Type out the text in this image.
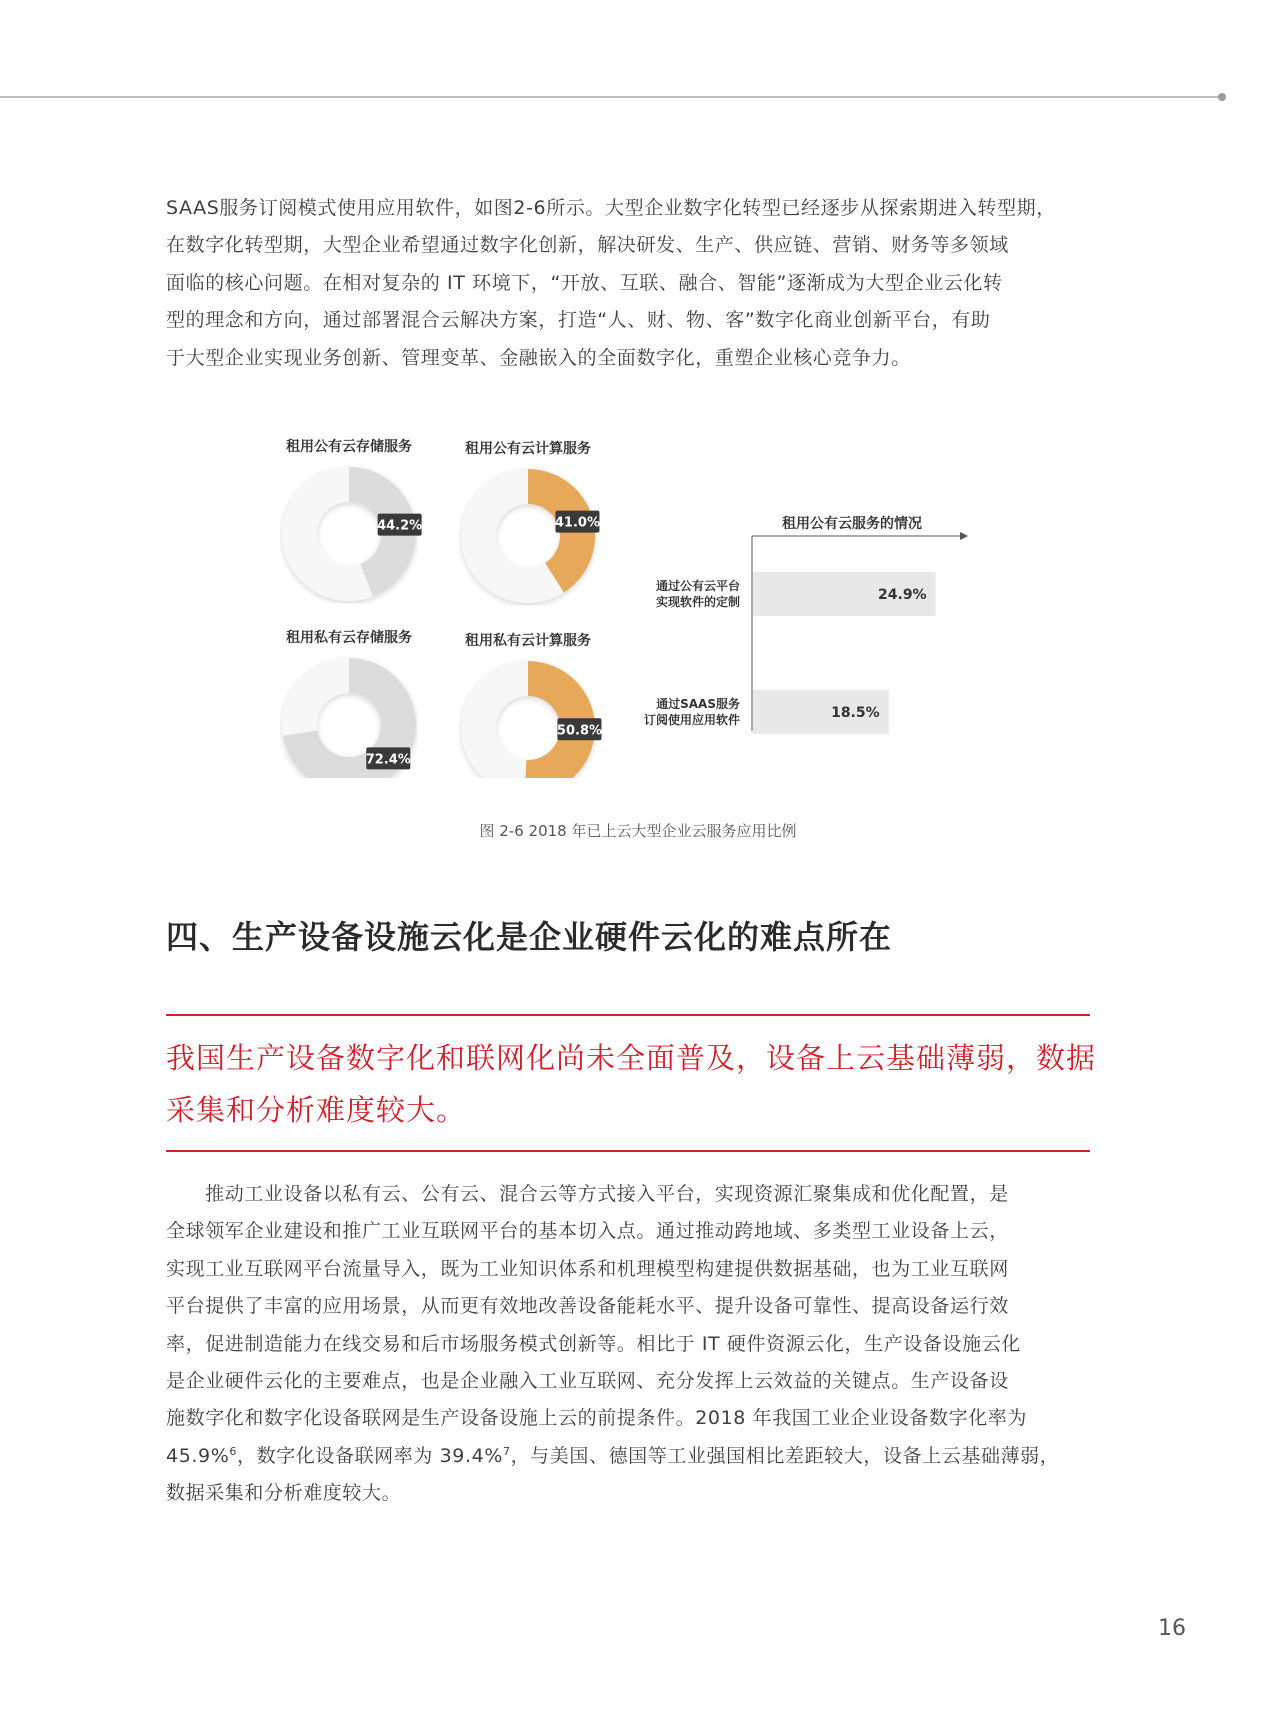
SAAS服务订阅模式使用应用软件，如图2-6所示。大型企业数字化转型已经逐步从探索期进入转型期，

在数字化转型期，大型企业希望通过数字化创新，解决研发、生产、供应链、营销、财务等多领域

面临的核心问题。在相对复杂的 IT 环境下，“开放、互联、融合、智能”逐渐成为大型企业云化转

型的理念和方向，通过部署混合云解决方案，打造“人、财、物、客”数字化商业创新平台，有助

于大型企业实现业务创新、管理变革、金融嵌入的全面数字化，重塑企业核心竞争力。

租用公有云存储服务
44.2%
租用公有云计算服务
41.0%
租用私有云存储服务
72.4%
租用私有云计算服务
50.8%
租用公有云服务的情况
24.9%
通过公有云平台
实现软件的定制
18.5%
通过SAAS服务
订阅使用应用软件
图 2-6 2018 年已上云大型企业云服务应用比例
四、生产设备设施云化是企业硬件云化的难点所在

我国生产设备数字化和联网化尚未全面普及，设备上云基础薄弱，数据

采集和分析难度较大。

　　推动工业设备以私有云、公有云、混合云等方式接入平台，实现资源汇聚集成和优化配置，是

全球领军企业建设和推广工业互联网平台的基本切入点。通过推动跨地域、多类型工业设备上云，

实现工业互联网平台流量导入，既为工业知识体系和机理模型构建提供数据基础，也为工业互联网

平台提供了丰富的应用场景，从而更有效地改善设备能耗水平、提升设备可靠性、提高设备运行效

率，促进制造能力在线交易和后市场服务模式创新等。相比于 IT 硬件资源云化，生产设备设施云化

是企业硬件云化的主要难点，也是企业融入工业互联网、充分发挥上云效益的关键点。生产设备设

施数字化和数字化设备联网是生产设备设施上云的前提条件。2018 年我国工业企业设备数字化率为

45.9%$^6$，数字化设备联网率为 39.4%$^7$，与美国、德国等工业强国相比差距较大，设备上云基础薄弱，

数据采集和分析难度较大。

16
